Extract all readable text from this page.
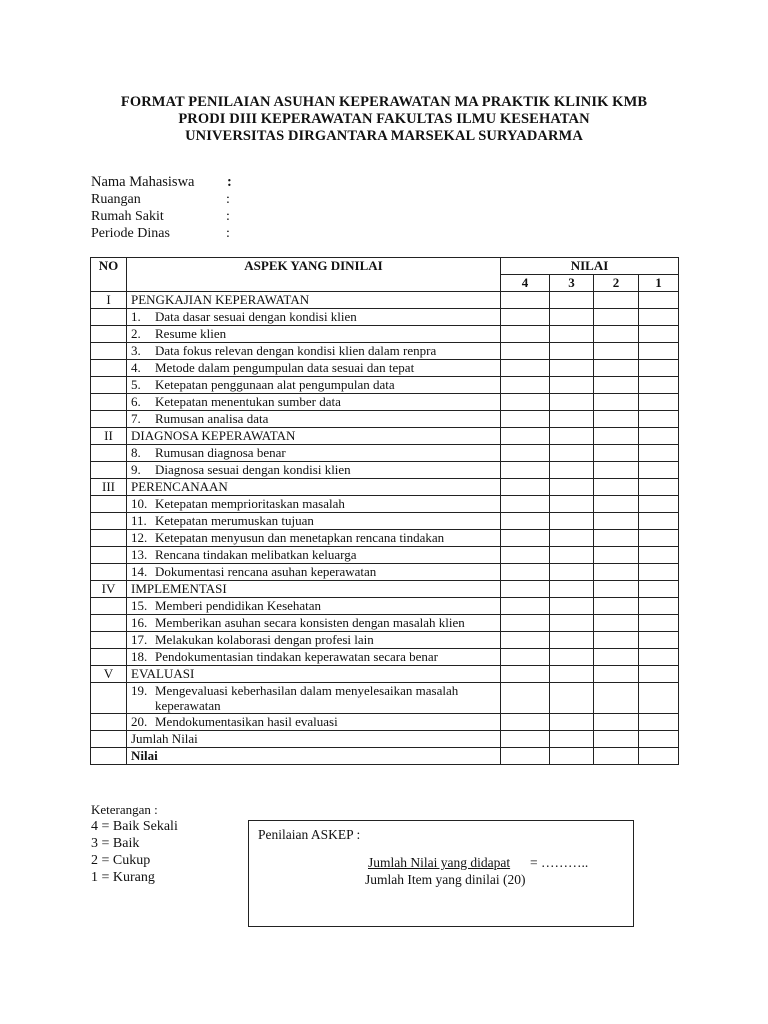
FORMAT PENILAIAN ASUHAN KEPERAWATAN MA PRAKTIK KLINIK KMB
PRODI DIII KEPERAWATAN FAKULTAS ILMU KESEHATAN
UNIVERSITAS DIRGANTARA MARSEKAL SURYADARMA
Nama Mahasiswa :
Ruangan	:
Rumah Sakit	:
Periode Dinas	:
NO	ASPEK YANG DINILAI	NILAI			
		4	3	2	1
I	PENGKAJIAN KEPERAWATAN				
	1. Data dasar sesuai dengan kondisi klien				
	2. Resume klien				
	3. Data fokus relevan dengan kondisi klien dalam renpra				
	4. Metode dalam pengumpulan data sesuai dan tepat				
	5. Ketepatan penggunaan alat pengumpulan data				
	6. Ketepatan menentukan sumber data				
	7. Rumusan analisa data				
II	DIAGNOSA KEPERAWATAN				
	8. Rumusan diagnosa benar				
	9. Diagnosa sesuai dengan kondisi klien				
III	PERENCANAAN				
	10. Ketepatan memprioritaskan masalah				
	11. Ketepatan merumuskan tujuan				
	12. Ketepatan menyusun dan menetapkan rencana tindakan				
	13. Rencana tindakan melibatkan keluarga				
	14. Dokumentasi rencana asuhan keperawatan				
IV	IMPLEMENTASI				
	15. Memberi pendidikan Kesehatan				
	16. Memberikan asuhan secara konsisten dengan masalah klien				
	17. Melakukan kolaborasi dengan profesi lain				
	18. Pendokumentasian tindakan keperawatan secara benar				
V	EVALUASI				
	19. Mengevaluasi keberhasilan dalam menyelesaikan masalah
keperawatan				

	20. Mendokumentasikan hasil evaluasi				
	Jumlah Nilai				
	Nilai				
Keterangan :
4 = Baik Sekali
3 = Baik
2 = Cukup
1 = Kurang
Penilaian ASKEP :
Jumlah Nilai yang didapat = ………..
Jumlah Item yang dinilai (20)
